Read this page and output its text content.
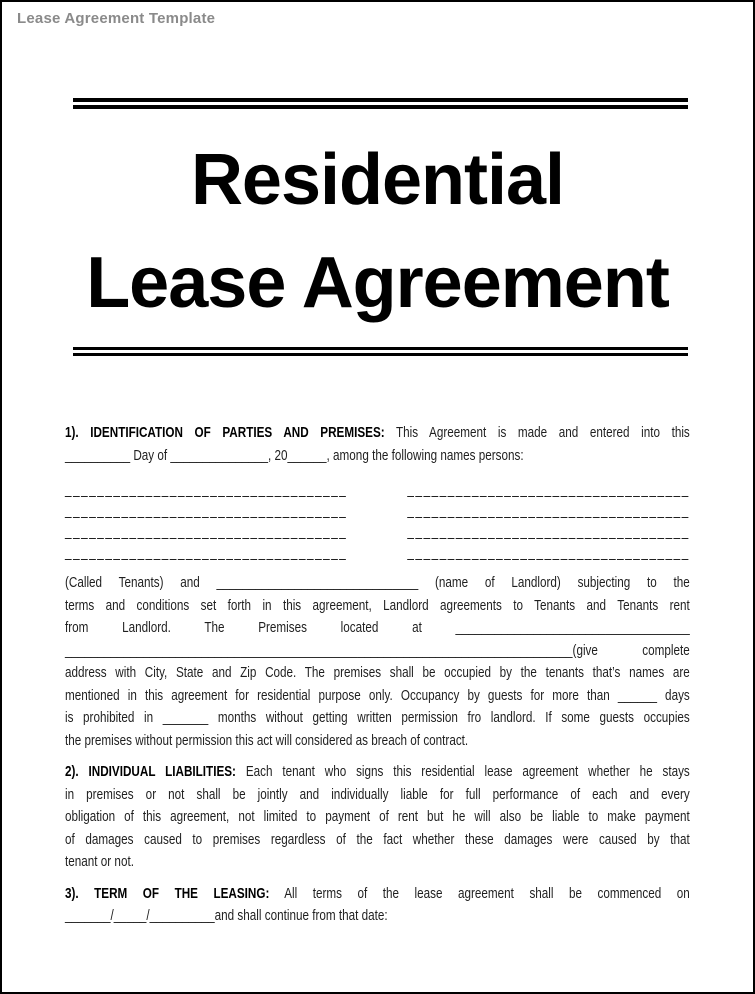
Lease Agreement Template
Residential
Lease Agreement
1). IDENTIFICATION OF PARTIES AND PREMISES: This Agreement is made and entered into this
__________ Day of _______________, 20______, among the following names persons:
___________________________________	___________________________________
___________________________________	___________________________________
___________________________________	___________________________________
___________________________________	___________________________________
(Called Tenants) and _______________________________ (name of Landlord) subjecting to the
terms and conditions set forth in this agreement, Landlord agreements to Tenants and Tenants rent
from Landlord. The Premises located at ____________________________________
______________________________________________________________________________(give complete
address with City, State and Zip Code. The premises shall be occupied by the tenants that’s names are
mentioned in this agreement for residential purpose only. Occupancy by guests for more than ______ days
is prohibited in _______ months without getting written permission fro landlord. If some guests occupies
the premises without permission this act will considered as breach of contract.
2). INDIVIDUAL LIABILITIES: Each tenant who signs this residential lease agreement whether he stays
in premises or not shall be jointly and individually liable for full performance of each and every
obligation of this agreement, not limited to payment of rent but he will also be liable to make payment
of damages caused to premises regardless of the fact whether these damages were caused by that
tenant or not.
3). TERM OF THE LEASING: All terms of the lease agreement shall be commenced on
_______/_____/__________and shall continue from that date:
